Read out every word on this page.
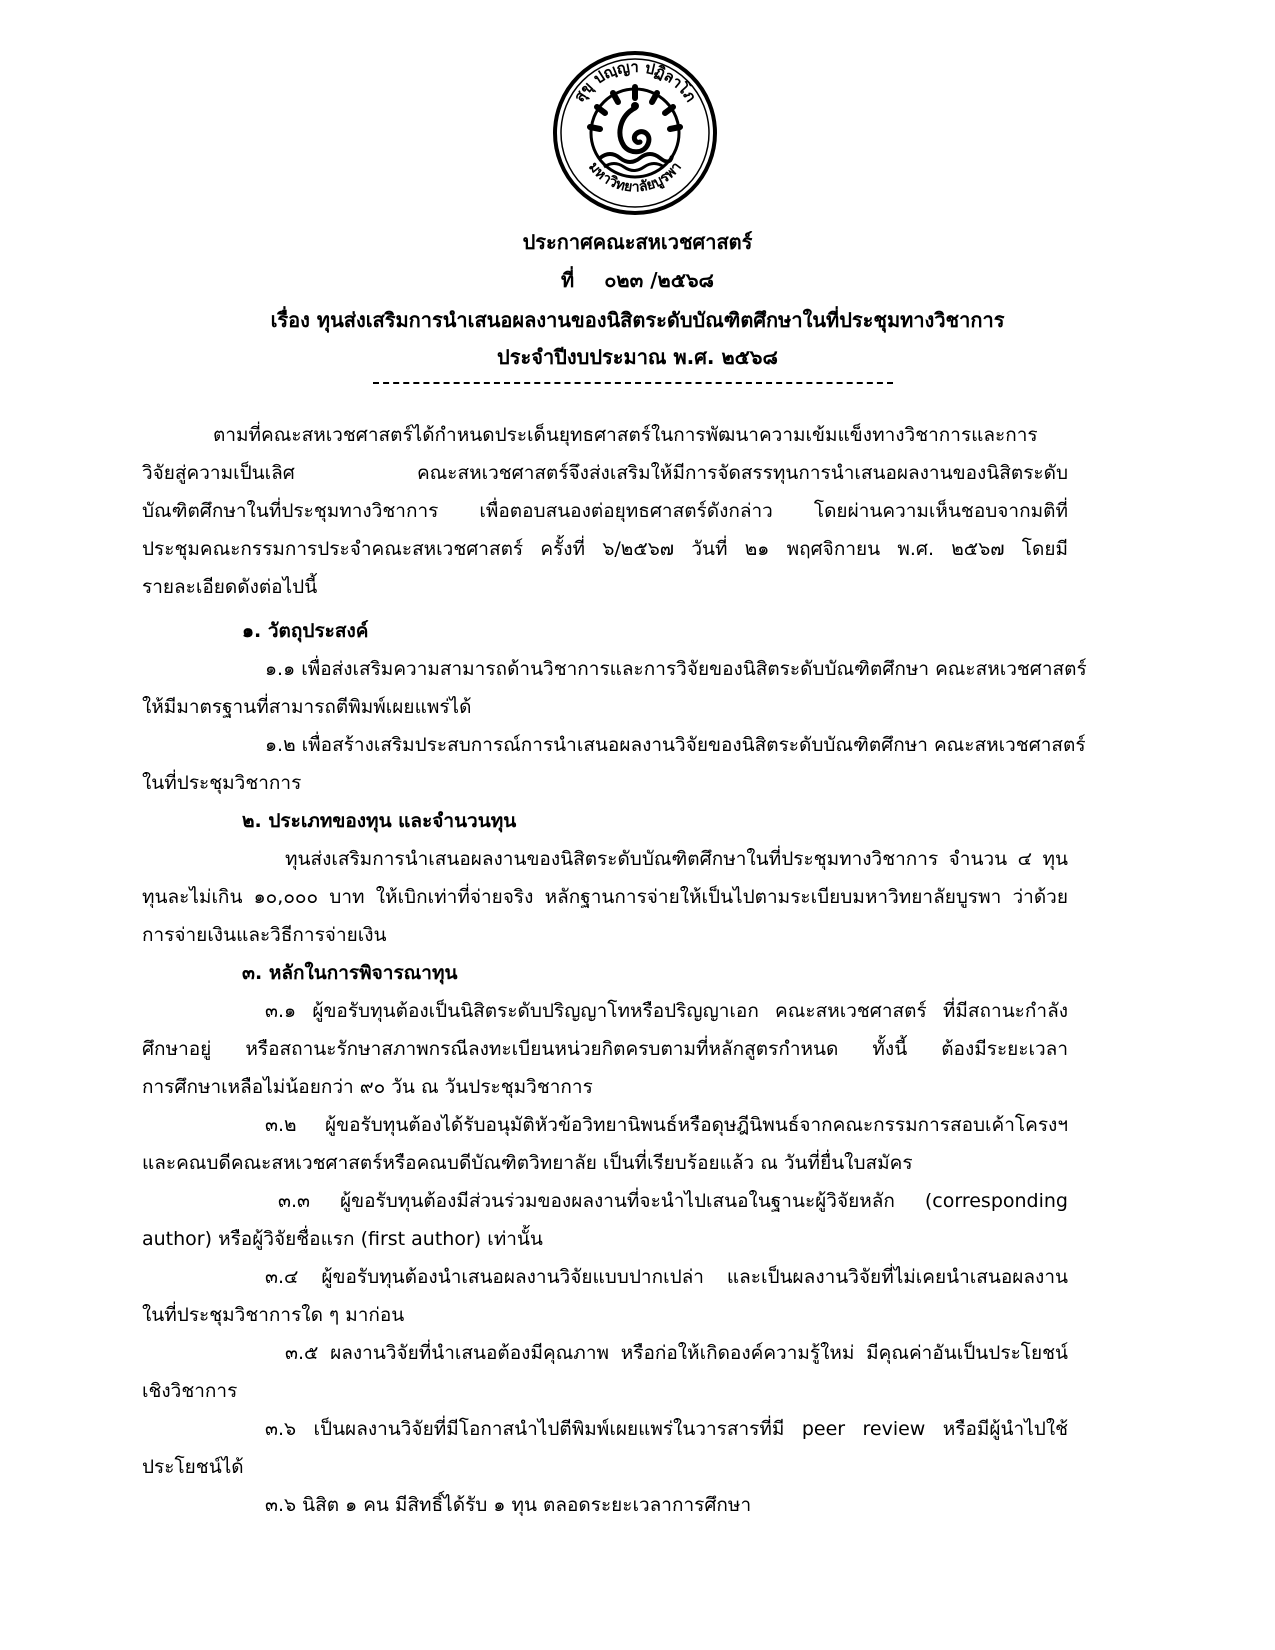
สุขุ ปญฺญา ปฏิลาโภ
มหาวิทยาลัยบูรพา
ประกาศคณะสหเวชศาสตร์
ที่ ๐๒๓ /๒๕๖๘
เรื่อง ทุนส่งเสริมการนำเสนอผลงานของนิสิตระดับบัณฑิตศึกษาในที่ประชุมทางวิชาการ
ประจำปีงบประมาณ พ.ศ. ๒๕๖๘
ตามที่คณะสหเวชศาสตร์ได้กำหนดประเด็นยุทธศาสตร์ในการพัฒนาความเข้มแข็งทางวิชาการและการ
วิจัยสู่ความเป็นเลิศ คณะสหเวชศาสตร์จึงส่งเสริมให้มีการจัดสรรทุนการนำเสนอผลงานของนิสิตระดับ
บัณฑิตศึกษาในที่ประชุมทางวิชาการ เพื่อตอบสนองต่อยุทธศาสตร์ดังกล่าว โดยผ่านความเห็นชอบจากมติที่
ประชุมคณะกรรมการประจำคณะสหเวชศาสตร์ ครั้งที่ ๖/๒๕๖๗ วันที่ ๒๑ พฤศจิกายน พ.ศ. ๒๕๖๗ โดยมี
รายละเอียดดังต่อไปนี้
๑. วัตถุประสงค์
๑.๑ เพื่อส่งเสริมความสามารถด้านวิชาการและการวิจัยของนิสิตระดับบัณฑิตศึกษา คณะสหเวชศาสตร์
ให้มีมาตรฐานที่สามารถตีพิมพ์เผยแพร่ได้
๑.๒ เพื่อสร้างเสริมประสบการณ์การนำเสนอผลงานวิจัยของนิสิตระดับบัณฑิตศึกษา คณะสหเวชศาสตร์
ในที่ประชุมวิชาการ
๒. ประเภทของทุน และจำนวนทุน
ทุนส่งเสริมการนำเสนอผลงานของนิสิตระดับบัณฑิตศึกษาในที่ประชุมทางวิชาการ จำนวน ๔ ทุน
ทุนละไม่เกิน ๑๐,๐๐๐ บาท ให้เบิกเท่าที่จ่ายจริง หลักฐานการจ่ายให้เป็นไปตามระเบียบมหาวิทยาลัยบูรพา ว่าด้วย
การจ่ายเงินและวิธีการจ่ายเงิน
๓. หลักในการพิจารณาทุน
๓.๑ ผู้ขอรับทุนต้องเป็นนิสิตระดับปริญญาโทหรือปริญญาเอก คณะสหเวชศาสตร์ ที่มีสถานะกำลัง
ศึกษาอยู่ หรือสถานะรักษาสภาพกรณีลงทะเบียนหน่วยกิตครบตามที่หลักสูตรกำหนด ทั้งนี้ ต้องมีระยะเวลา
การศึกษาเหลือไม่น้อยกว่า ๙๐ วัน ณ วันประชุมวิชาการ
๓.๒ ผู้ขอรับทุนต้องได้รับอนุมัติหัวข้อวิทยานิพนธ์หรือดุษฎีนิพนธ์จากคณะกรรมการสอบเค้าโครงฯ
และคณบดีคณะสหเวชศาสตร์หรือคณบดีบัณฑิตวิทยาลัย เป็นที่เรียบร้อยแล้ว ณ วันที่ยื่นใบสมัคร
๓.๓ ผู้ขอรับทุนต้องมีส่วนร่วมของผลงานที่จะนำไปเสนอในฐานะผู้วิจัยหลัก (corresponding
author) หรือผู้วิจัยชื่อแรก (first author) เท่านั้น
๓.๔ ผู้ขอรับทุนต้องนำเสนอผลงานวิจัยแบบปากเปล่า และเป็นผลงานวิจัยที่ไม่เคยนำเสนอผลงาน
ในที่ประชุมวิชาการใด ๆ มาก่อน
๓.๕ ผลงานวิจัยที่นำเสนอต้องมีคุณภาพ หรือก่อให้เกิดองค์ความรู้ใหม่ มีคุณค่าอันเป็นประโยชน์
เชิงวิชาการ
๓.๖ เป็นผลงานวิจัยที่มีโอกาสนำไปตีพิมพ์เผยแพร่ในวารสารที่มี peer review หรือมีผู้นำไปใช้
ประโยชน์ได้
๓.๖ นิสิต ๑ คน มีสิทธิ์ได้รับ ๑ ทุน ตลอดระยะเวลาการศึกษา
